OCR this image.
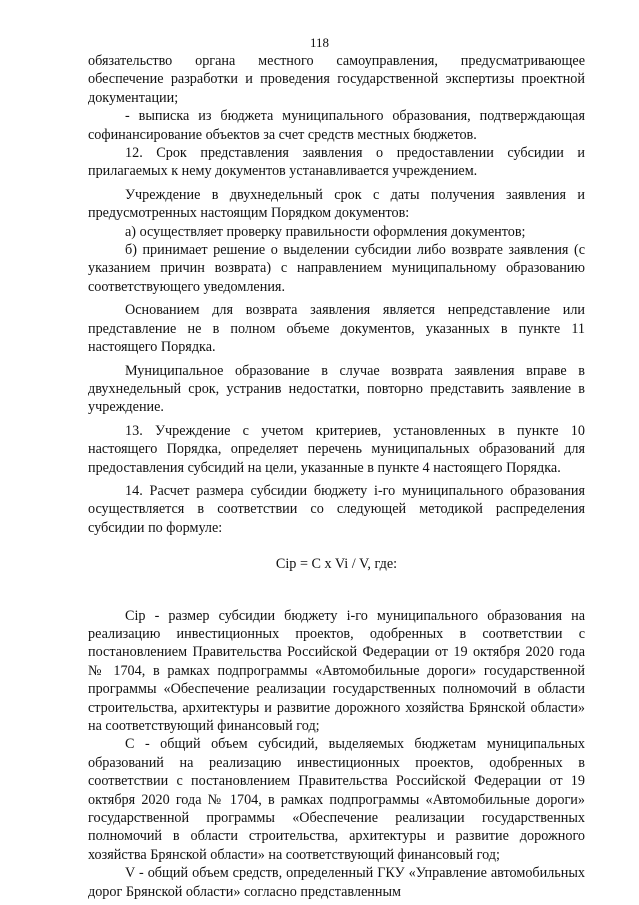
118

обязательство органа местного самоуправления, предусматривающее обеспечение разработки и проведения государственной экспертизы проектной документации;

- выписка из бюджета муниципального образования, подтверждающая софинансирование объектов за счет средств местных бюджетов.

12. Срок представления заявления о предоставлении субсидии и прилагаемых к нему документов устанавливается учреждением.

Учреждение в двухнедельный срок с даты получения заявления и предусмотренных настоящим Порядком документов:

а) осуществляет проверку правильности оформления документов;

б) принимает решение о выделении субсидии либо возврате заявления (с указанием причин возврата) с направлением муниципальному образованию соответствующего уведомления.

Основанием для возврата заявления является непредставление или представление не в полном объеме документов, указанных в пункте 11 настоящего Порядка.

Муниципальное образование в случае возврата заявления вправе в двухнедельный срок, устранив недостатки, повторно представить заявление в учреждение.

13. Учреждение с учетом критериев, установленных в пункте 10 настоящего Порядка, определяет перечень муниципальных образований для предоставления субсидий на цели, указанные в пункте 4 настоящего Порядка.

14. Расчет размера субсидии бюджету i-го муниципального образования осуществляется в соответствии со следующей методикой распределения субсидии по формуле:

Ciр = C x Vi / V, где:

Ciр - размер субсидии бюджету i-го муниципального образования на реализацию инвестиционных проектов, одобренных в соответствии с постановлением Правительства Российской Федерации от 19 октября 2020 года № 1704, в рамках подпрограммы «Автомобильные дороги» государственной программы «Обеспечение реализации государственных полномочий в области строительства, архитектуры и развитие дорожного хозяйства Брянской области» на соответствующий финансовый год;

C - общий объем субсидий, выделяемых бюджетам муниципальных образований на реализацию инвестиционных проектов, одобренных в соответствии с постановлением Правительства Российской Федерации от 19 октября 2020 года № 1704, в рамках подпрограммы «Автомобильные дороги» государственной программы «Обеспечение реализации государственных полномочий в области строительства, архитектуры и развитие дорожного хозяйства Брянской области» на соответствующий финансовый год;

V - общий объем средств, определенный ГКУ «Управление автомобильных дорог Брянской области» согласно представленным
